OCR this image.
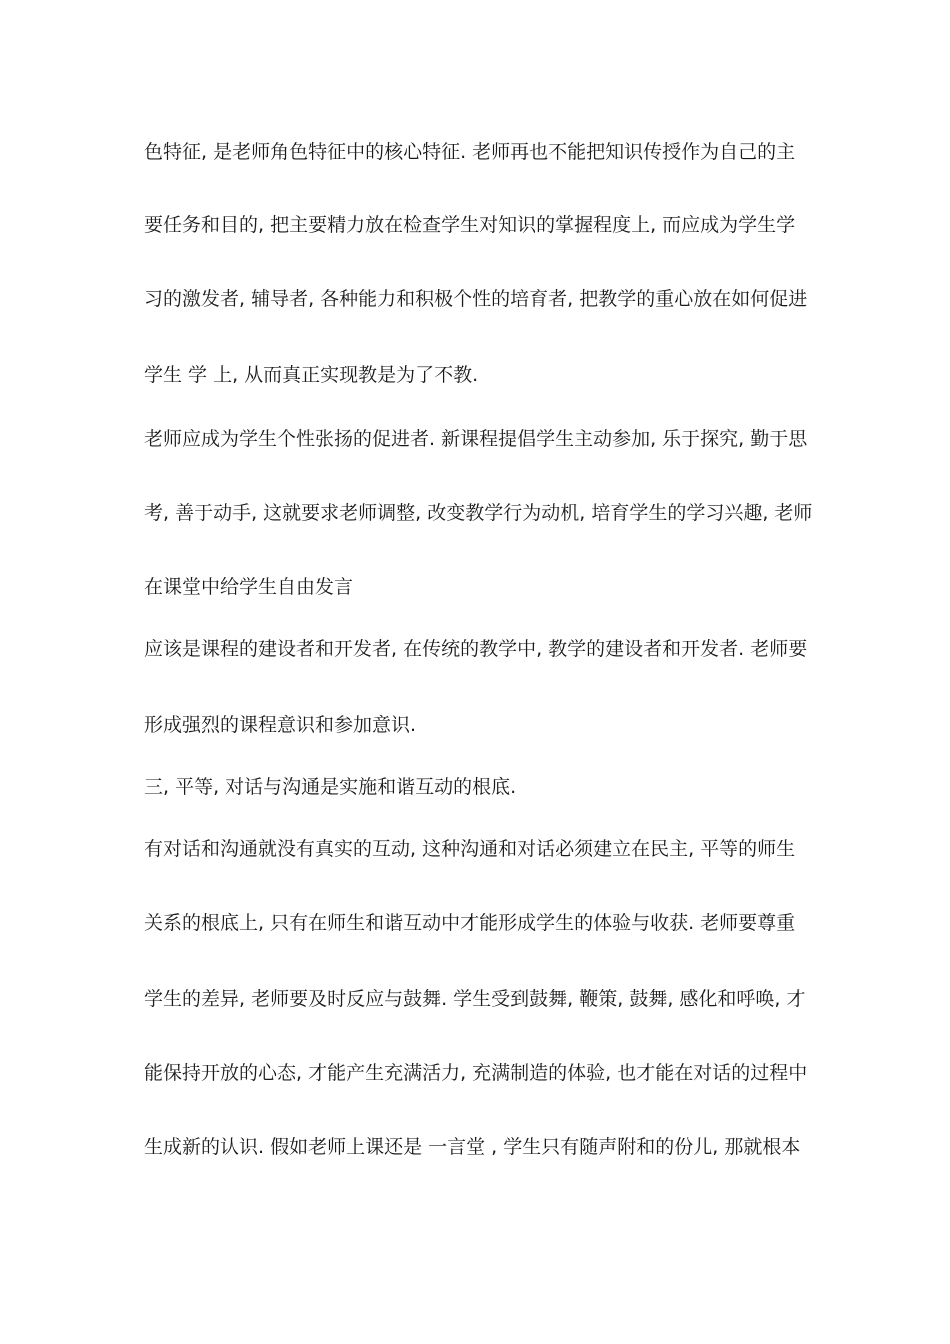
色特征, 是老师角色特征中的核心特征. 老师再也不能把知识传授作为自己的主
要任务和目的, 把主要精力放在检查学生对知识的掌握程度上, 而应成为学生学
习的激发者, 辅导者, 各种能力和积极个性的培育者, 把教学的重心放在如何促进
学生 学 上, 从而真正实现教是为了不教.
老师应成为学生个性张扬的促进者. 新课程提倡学生主动参加, 乐于探究, 勤于思
考, 善于动手, 这就要求老师调整, 改变教学行为动机, 培育学生的学习兴趣, 老师
在课堂中给学生自由发言
应该是课程的建设者和开发者, 在传统的教学中, 教学的建设者和开发者. 老师要
形成强烈的课程意识和参加意识.
三, 平等, 对话与沟通是实施和谐互动的根底.
有对话和沟通就没有真实的互动, 这种沟通和对话必须建立在民主, 平等的师生
关系的根底上, 只有在师生和谐互动中才能形成学生的体验与收获. 老师要尊重
学生的差异, 老师要及时反应与鼓舞. 学生受到鼓舞, 鞭策, 鼓舞, 感化和呼唤, 才
能保持开放的心态, 才能产生充满活力, 充满制造的体验, 也才能在对话的过程中
生成新的认识. 假如老师上课还是 一言堂 , 学生只有随声附和的份儿, 那就根本
